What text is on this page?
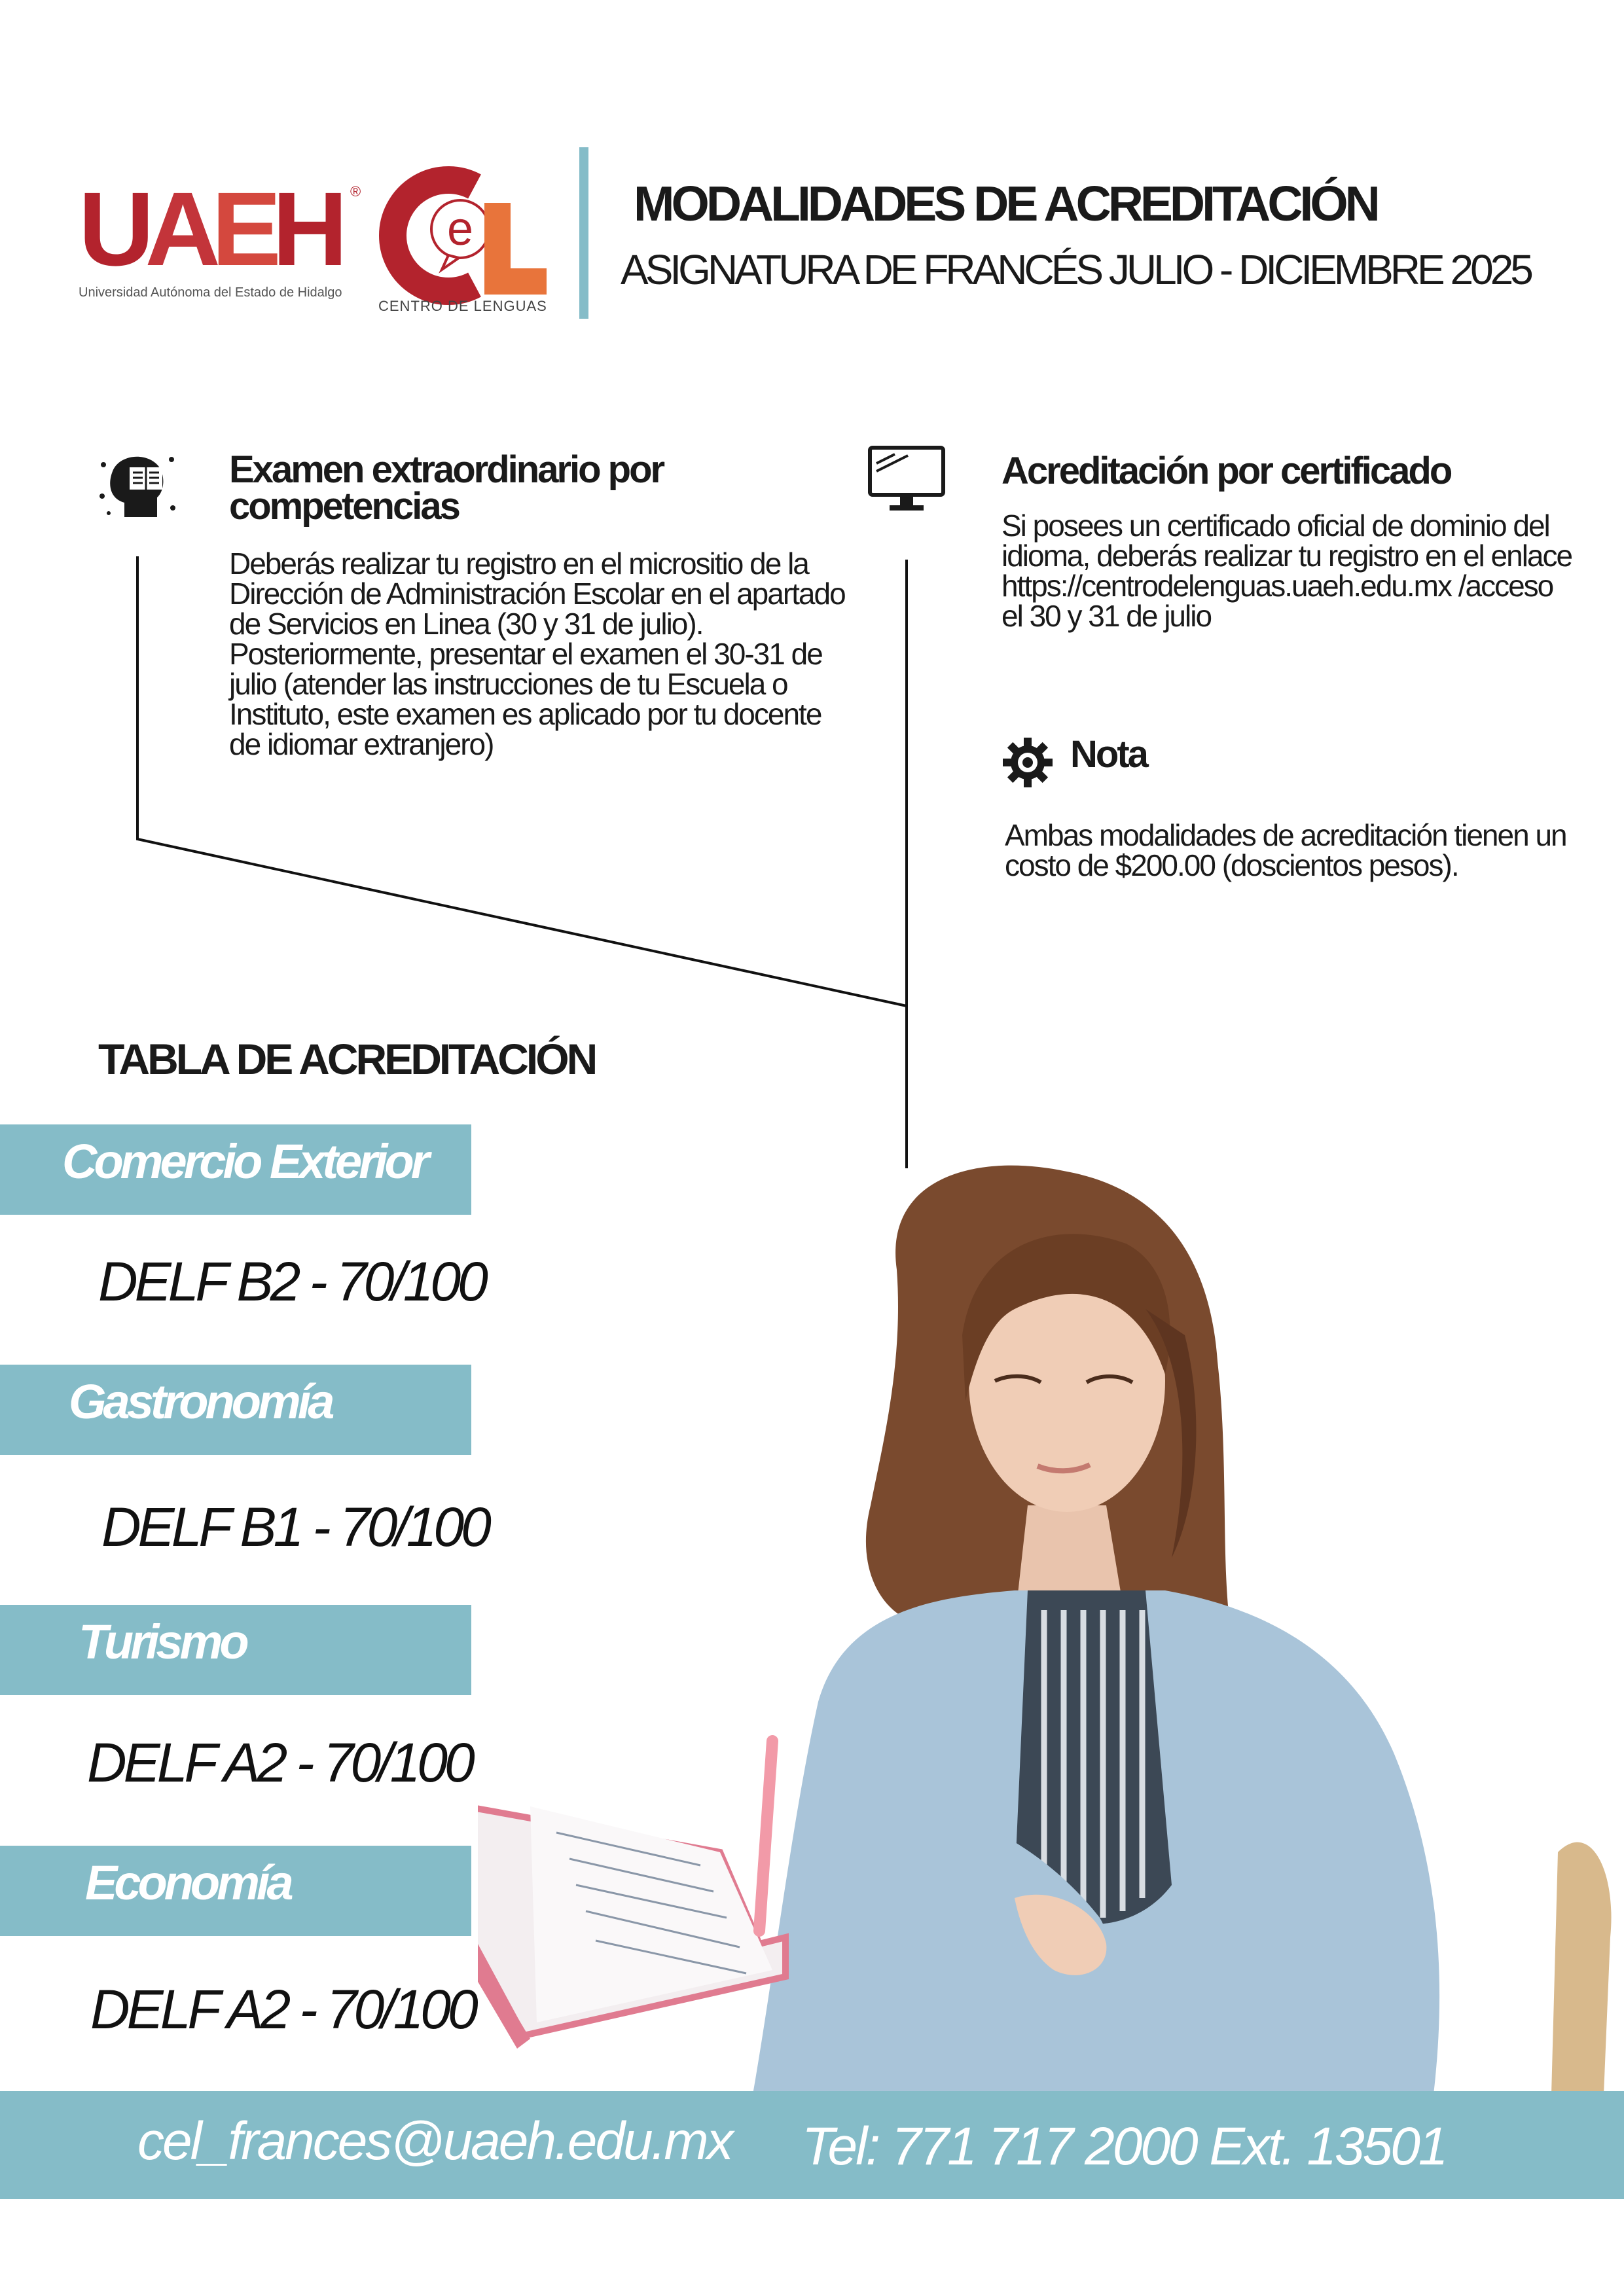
UAEH ®
Universidad Autónoma del Estado de Hidalgo
e
CENTRO DE LENGUAS
MODALIDADES DE ACREDITACIÓN
ASIGNATURA DE FRANCÉS JULIO - DICIEMBRE 2025
Examen extraordinario por competencias
Deberás realizar tu registro en el micrositio de la Dirección de Administración Escolar en el apartado de Servicios en Linea (30 y 31 de julio). Posteriormente, presentar el examen el 30-31 de julio (atender las instrucciones de tu Escuela o Instituto, este examen es aplicado por tu docente de idiomar extranjero)
Acreditación por certificado
Si posees un certificado oficial de dominio del idioma, deberás realizar tu registro en el enlace https://centrodelenguas.uaeh.edu.mx /acceso el 30 y 31 de julio
Nota
Ambas modalidades de acreditación tienen un costo de $200.00 (doscientos pesos).
TABLA DE ACREDITACIÓN
Comercio Exterior
DELF B2 - 70/100
Gastronomía
DELF B1 - 70/100
Turismo
DELF A2 - 70/100
Economía
DELF A2 - 70/100
cel_frances@uaeh.edu.mx Tel: 771 717 2000 Ext. 13501
